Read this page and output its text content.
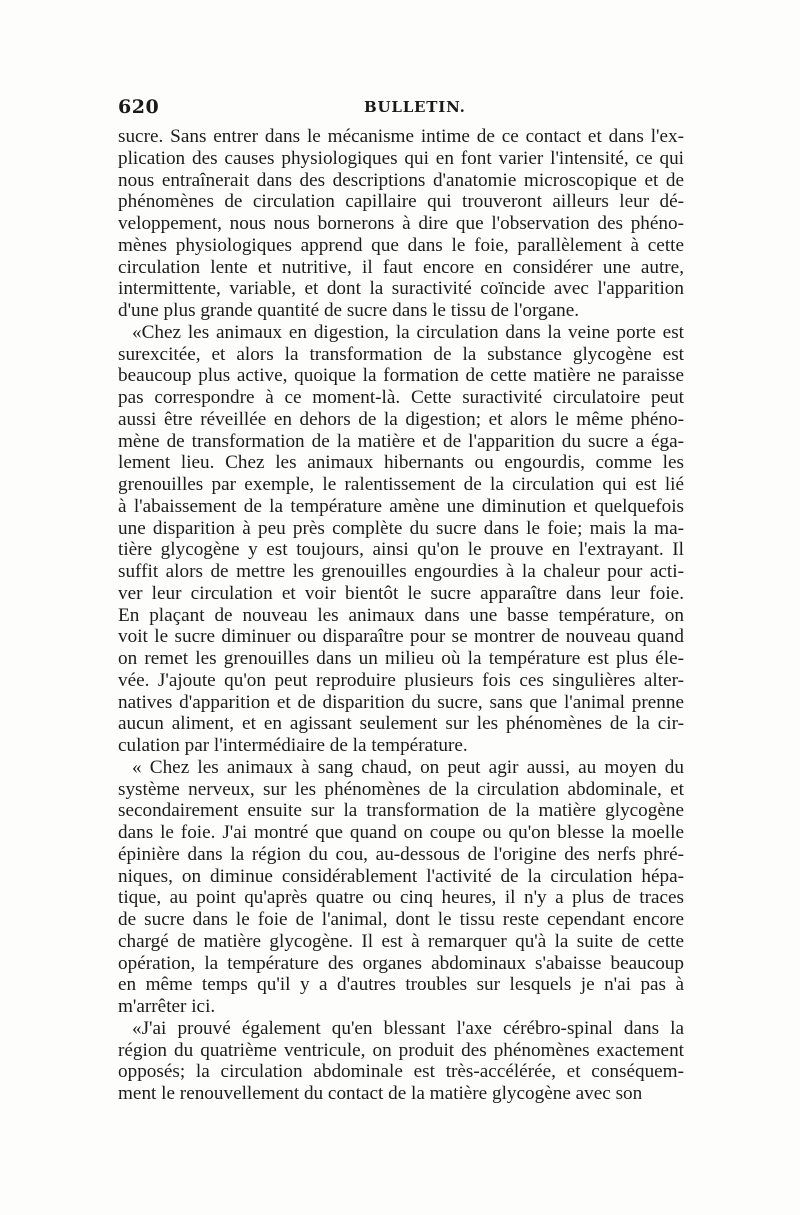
620	BULLETIN.
sucre. Sans entrer dans le mécanisme intime de ce contact et dans l'ex-
plication des causes physiologiques qui en font varier l'intensité, ce qui
nous entraînerait dans des descriptions d'anatomie microscopique et de
phénomènes de circulation capillaire qui trouveront ailleurs leur dé-
veloppement, nous nous bornerons à dire que l'observation des phéno-
mènes physiologiques apprend que dans le foie, parallèlement à cette
circulation lente et nutritive, il faut encore en considérer une autre,
intermittente, variable, et dont la suractivité coïncide avec l'apparition
d'une plus grande quantité de sucre dans le tissu de l'organe.
«Chez les animaux en digestion, la circulation dans la veine porte est
surexcitée, et alors la transformation de la substance glycogène est
beaucoup plus active, quoique la formation de cette matière ne paraisse
pas correspondre à ce moment-là. Cette suractivité circulatoire peut
aussi être réveillée en dehors de la digestion; et alors le même phéno-
mène de transformation de la matière et de l'apparition du sucre a éga-
lement lieu. Chez les animaux hibernants ou engourdis, comme les
grenouilles par exemple, le ralentissement de la circulation qui est lié
à l'abaissement de la température amène une diminution et quelquefois
une disparition à peu près complète du sucre dans le foie; mais la ma-
tière glycogène y est toujours, ainsi qu'on le prouve en l'extrayant. Il
suffit alors de mettre les grenouilles engourdies à la chaleur pour acti-
ver leur circulation et voir bientôt le sucre apparaître dans leur foie.
En plaçant de nouveau les animaux dans une basse température, on
voit le sucre diminuer ou disparaître pour se montrer de nouveau quand
on remet les grenouilles dans un milieu où la température est plus éle-
vée. J'ajoute qu'on peut reproduire plusieurs fois ces singulières alter-
natives d'apparition et de disparition du sucre, sans que l'animal prenne
aucun aliment, et en agissant seulement sur les phénomènes de la cir-
culation par l'intermédiaire de la température.
« Chez les animaux à sang chaud, on peut agir aussi, au moyen du
système nerveux, sur les phénomènes de la circulation abdominale, et
secondairement ensuite sur la transformation de la matière glycogène
dans le foie. J'ai montré que quand on coupe ou qu'on blesse la moelle
épinière dans la région du cou, au-dessous de l'origine des nerfs phré-
niques, on diminue considérablement l'activité de la circulation hépa-
tique, au point qu'après quatre ou cinq heures, il n'y a plus de traces
de sucre dans le foie de l'animal, dont le tissu reste cependant encore
chargé de matière glycogène. Il est à remarquer qu'à la suite de cette
opération, la température des organes abdominaux s'abaisse beaucoup
en même temps qu'il y a d'autres troubles sur lesquels je n'ai pas à
m'arrêter ici.
«J'ai prouvé également qu'en blessant l'axe cérébro-spinal dans la
région du quatrième ventricule, on produit des phénomènes exactement
opposés; la circulation abdominale est très-accélérée, et conséquem-
ment le renouvellement du contact de la matière glycogène avec son
